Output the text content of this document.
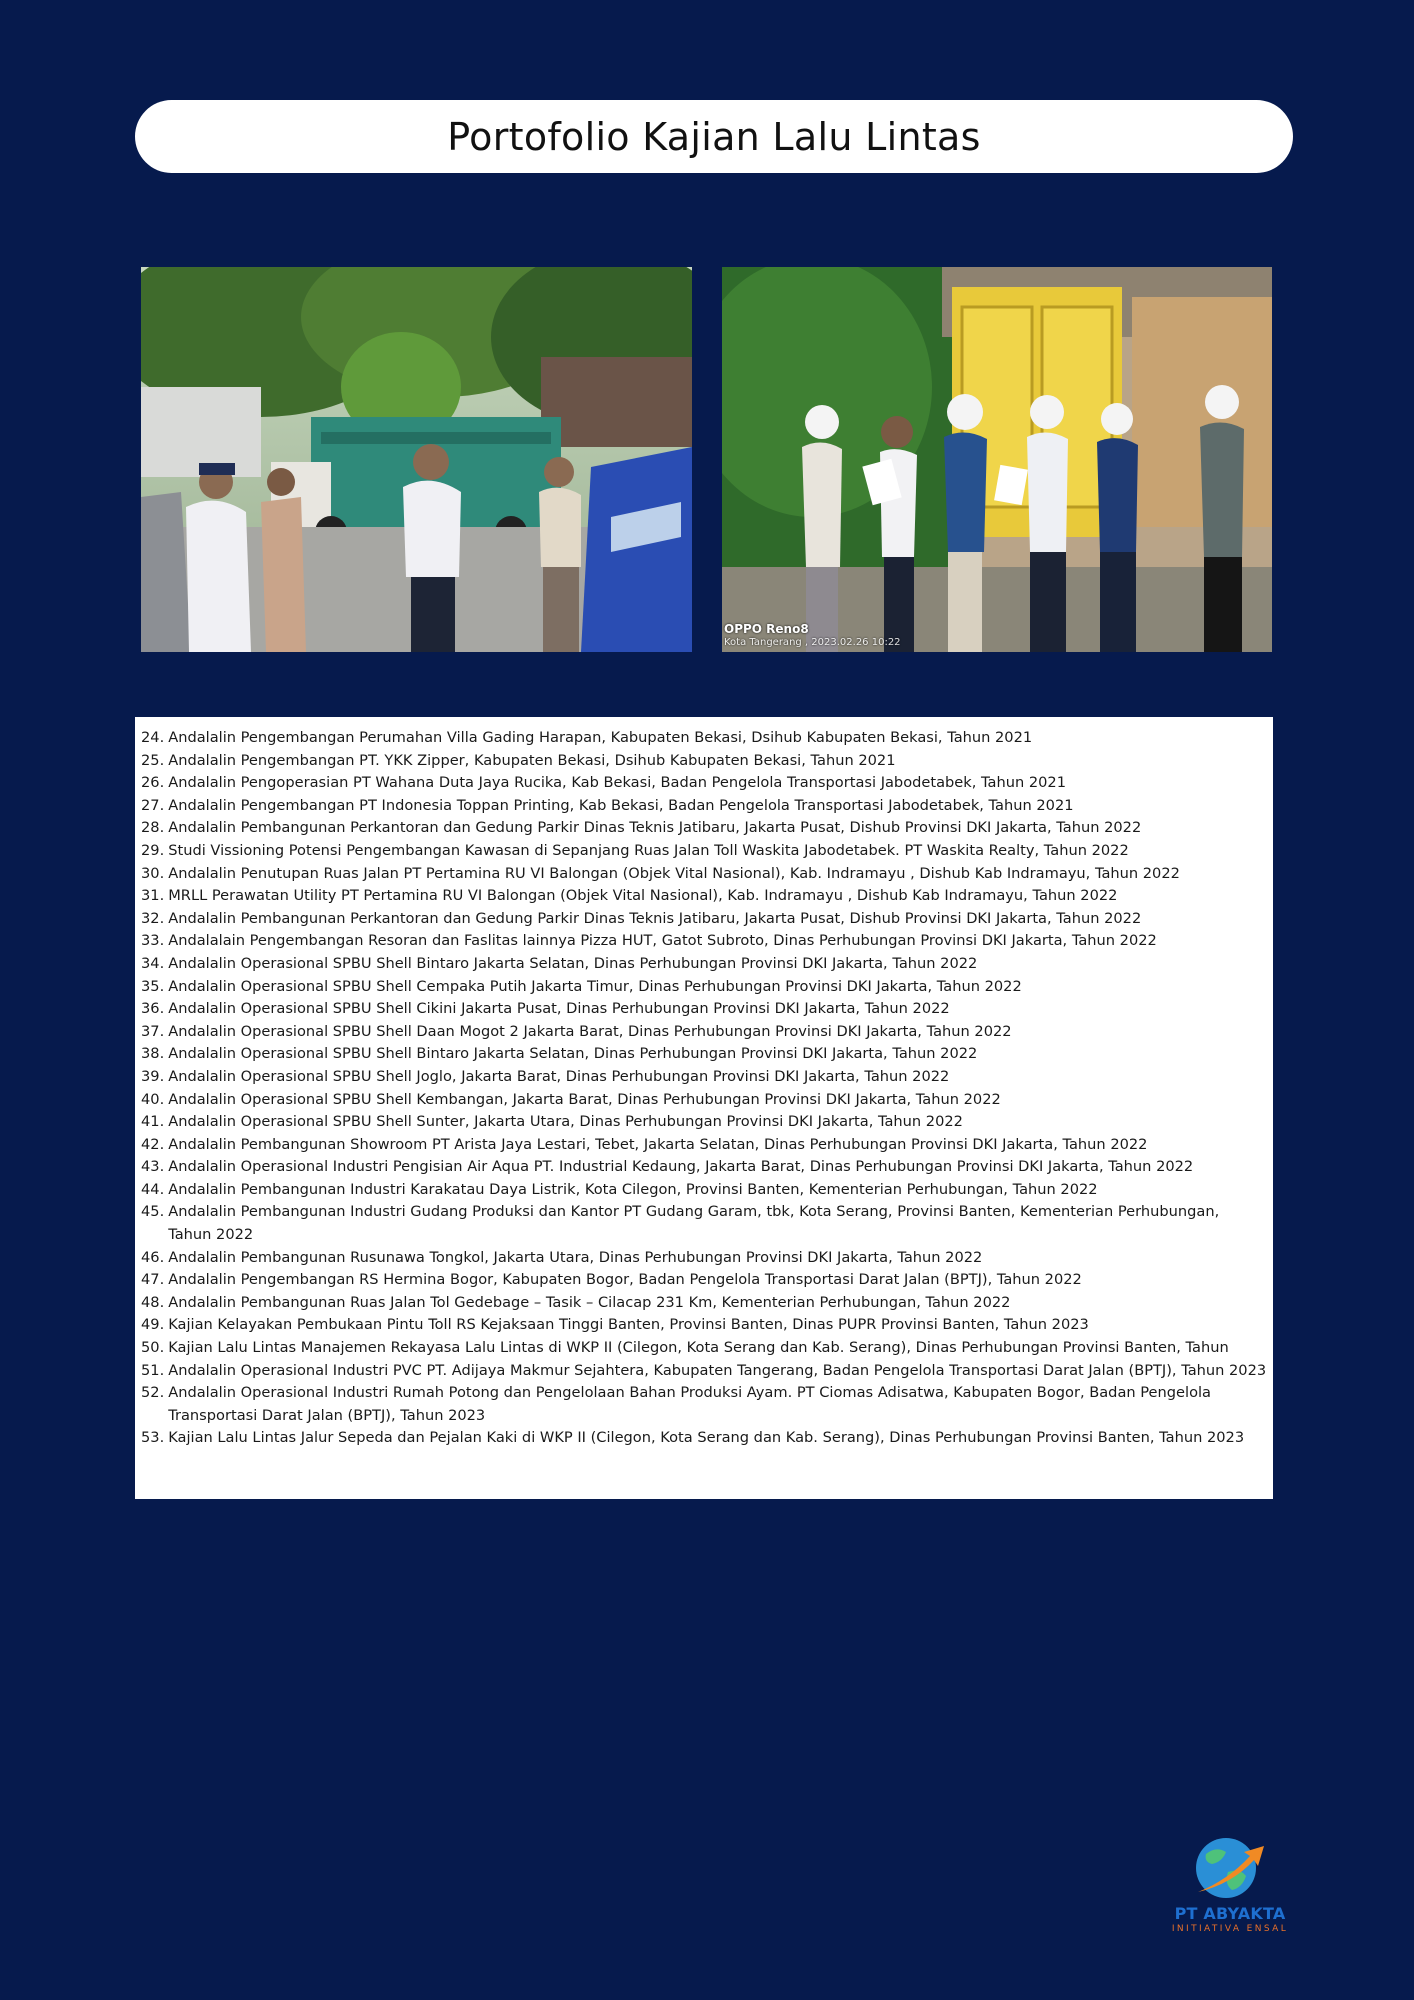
Portofolio Kajian Lalu Lintas
OPPO Reno8
Kota Tangerang , 2023.02.26 10:22
24. Andalalin Pengembangan Perumahan Villa Gading Harapan, Kabupaten Bekasi, Dsihub Kabupaten Bekasi, Tahun 2021
25. Andalalin Pengembangan PT. YKK Zipper, Kabupaten Bekasi, Dsihub Kabupaten Bekasi, Tahun 2021
26. Andalalin Pengoperasian PT Wahana Duta Jaya Rucika, Kab Bekasi, Badan Pengelola Transportasi Jabodetabek, Tahun 2021
27. Andalalin Pengembangan PT Indonesia Toppan Printing, Kab Bekasi, Badan Pengelola Transportasi Jabodetabek, Tahun 2021
28. Andalalin Pembangunan Perkantoran dan Gedung Parkir Dinas Teknis Jatibaru, Jakarta Pusat, Dishub Provinsi DKI Jakarta, Tahun 2022
29. Studi Vissioning Potensi Pengembangan Kawasan di Sepanjang Ruas Jalan Toll Waskita Jabodetabek. PT Waskita Realty, Tahun 2022
30. Andalalin Penutupan Ruas Jalan PT Pertamina RU VI Balongan (Objek Vital Nasional), Kab. Indramayu , Dishub Kab Indramayu, Tahun 2022
31. MRLL Perawatan Utility PT Pertamina RU VI Balongan (Objek Vital Nasional), Kab. Indramayu , Dishub Kab Indramayu, Tahun 2022
32. Andalalin Pembangunan Perkantoran dan Gedung Parkir Dinas Teknis Jatibaru, Jakarta Pusat, Dishub Provinsi DKI Jakarta, Tahun 2022
33. Andalalain Pengembangan Resoran dan Faslitas lainnya Pizza HUT, Gatot Subroto, Dinas Perhubungan Provinsi DKI Jakarta, Tahun 2022
34. Andalalin Operasional SPBU Shell Bintaro Jakarta Selatan, Dinas Perhubungan Provinsi DKI Jakarta, Tahun 2022
35. Andalalin Operasional SPBU Shell Cempaka Putih Jakarta Timur, Dinas Perhubungan Provinsi DKI Jakarta, Tahun 2022
36. Andalalin Operasional SPBU Shell Cikini Jakarta Pusat, Dinas Perhubungan Provinsi DKI Jakarta, Tahun 2022
37. Andalalin Operasional SPBU Shell Daan Mogot 2 Jakarta Barat, Dinas Perhubungan Provinsi DKI Jakarta, Tahun 2022
38. Andalalin Operasional SPBU Shell Bintaro Jakarta Selatan, Dinas Perhubungan Provinsi DKI Jakarta, Tahun 2022
39. Andalalin Operasional SPBU Shell Joglo, Jakarta Barat, Dinas Perhubungan Provinsi DKI Jakarta, Tahun 2022
40. Andalalin Operasional SPBU Shell Kembangan, Jakarta Barat, Dinas Perhubungan Provinsi DKI Jakarta, Tahun 2022
41. Andalalin Operasional SPBU Shell Sunter, Jakarta Utara, Dinas Perhubungan Provinsi DKI Jakarta, Tahun 2022
42. Andalalin Pembangunan Showroom PT Arista Jaya Lestari, Tebet, Jakarta Selatan, Dinas Perhubungan Provinsi DKI Jakarta, Tahun 2022
43. Andalalin Operasional Industri Pengisian Air Aqua PT. Industrial Kedaung, Jakarta Barat, Dinas Perhubungan Provinsi DKI Jakarta, Tahun 2022
44. Andalalin Pembangunan Industri Karakatau Daya Listrik, Kota Cilegon, Provinsi Banten, Kementerian Perhubungan, Tahun 2022
45. Andalalin Pembangunan Industri Gudang Produksi dan Kantor PT Gudang Garam, tbk, Kota Serang, Provinsi Banten, Kementerian Perhubungan, Tahun 2022
46. Andalalin Pembangunan Rusunawa Tongkol, Jakarta Utara, Dinas Perhubungan Provinsi DKI Jakarta, Tahun 2022
47. Andalalin Pengembangan RS Hermina Bogor, Kabupaten Bogor, Badan Pengelola Transportasi Darat Jalan (BPTJ), Tahun 2022
48. Andalalin Pembangunan Ruas Jalan Tol Gedebage – Tasik – Cilacap 231 Km, Kementerian Perhubungan, Tahun 2022
49. Kajian Kelayakan Pembukaan Pintu Toll RS Kejaksaan Tinggi Banten, Provinsi Banten, Dinas PUPR Provinsi Banten, Tahun 2023
50. Kajian Lalu Lintas Manajemen Rekayasa Lalu Lintas di WKP II (Cilegon, Kota Serang dan Kab. Serang), Dinas Perhubungan Provinsi Banten, Tahun
51. Andalalin Operasional Industri PVC PT. Adijaya Makmur Sejahtera, Kabupaten Tangerang, Badan Pengelola Transportasi Darat Jalan (BPTJ), Tahun 2023
52. Andalalin Operasional Industri Rumah Potong dan Pengelolaan Bahan Produksi Ayam. PT Ciomas Adisatwa, Kabupaten Bogor, Badan Pengelola Transportasi Darat Jalan (BPTJ), Tahun 2023
53. Kajian Lalu Lintas Jalur Sepeda dan Pejalan Kaki di WKP II (Cilegon, Kota Serang dan Kab. Serang), Dinas Perhubungan Provinsi Banten, Tahun 2023
PT ABYAKTA
INITIATIVA ENSAL
